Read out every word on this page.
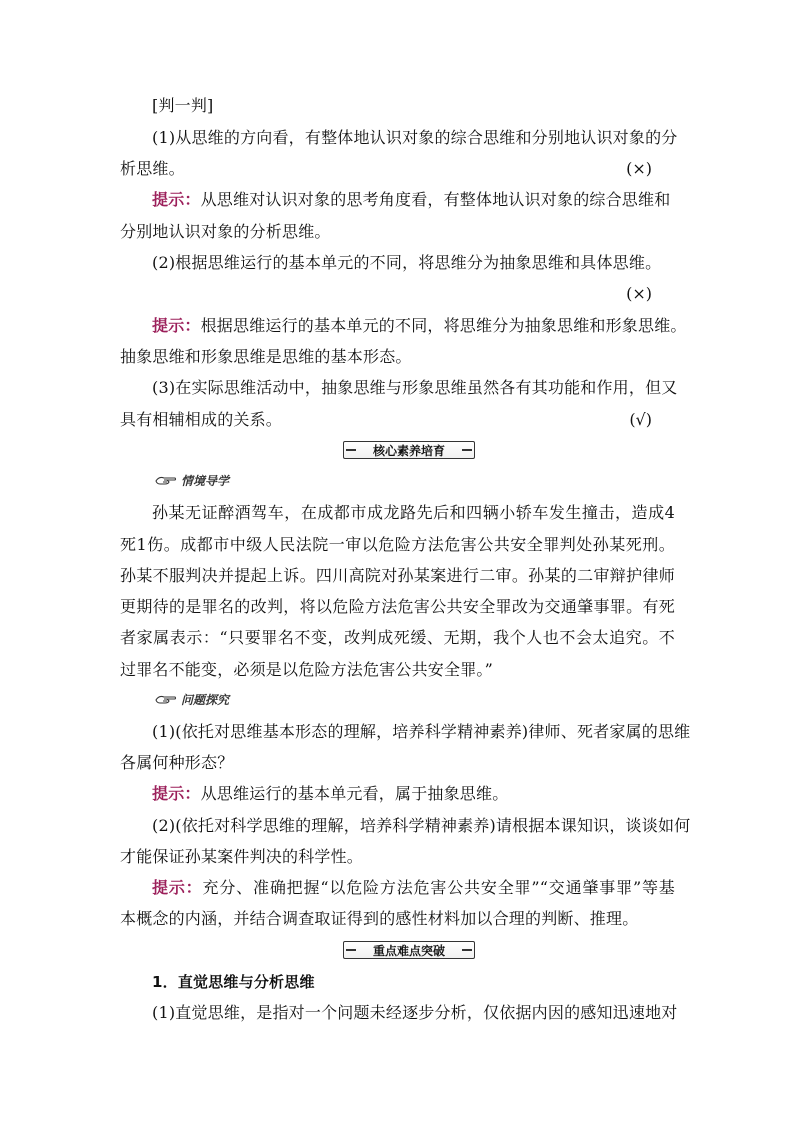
[判一判]
(1)从思维的方向看，有整体地认识对象的综合思维和分别地认识对象的分
析思维。	(×)
提示：从思维对认识对象的思考角度看，有整体地认识对象的综合思维和
分别地认识对象的分析思维。
(2)根据思维运行的基本单元的不同，将思维分为抽象思维和具体思维。
(×)
提示：根据思维运行的基本单元的不同，将思维分为抽象思维和形象思维。
抽象思维和形象思维是思维的基本形态。
(3)在实际思维活动中，抽象思维与形象思维虽然各有其功能和作用，但又
具有相辅相成的关系。	(√)
核心素养培育
情境导学
孙某无证醉酒驾车，在成都市成龙路先后和四辆小轿车发生撞击，造成4
死1伤。成都市中级人民法院一审以危险方法危害公共安全罪判处孙某死刑。
孙某不服判决并提起上诉。四川高院对孙某案进行二审。孙某的二审辩护律师
更期待的是罪名的改判，将以危险方法危害公共安全罪改为交通肇事罪。有死
者家属表示：“只要罪名不变，改判成死缓、无期，我个人也不会太追究。不
过罪名不能变，必须是以危险方法危害公共安全罪。”
问题探究
(1)(依托对思维基本形态的理解，培养科学精神素养)律师、死者家属的思维
各属何种形态？
提示：从思维运行的基本单元看，属于抽象思维。
(2)(依托对科学思维的理解，培养科学精神素养)请根据本课知识，谈谈如何
才能保证孙某案件判决的科学性。
提示：充分、准确把握“以危险方法危害公共安全罪”“交通肇事罪”等基
本概念的内涵，并结合调查取证得到的感性材料加以合理的判断、推理。
重点难点突破
1．直觉思维与分析思维
(1)直觉思维，是指对一个问题未经逐步分析，仅依据内因的感知迅速地对
